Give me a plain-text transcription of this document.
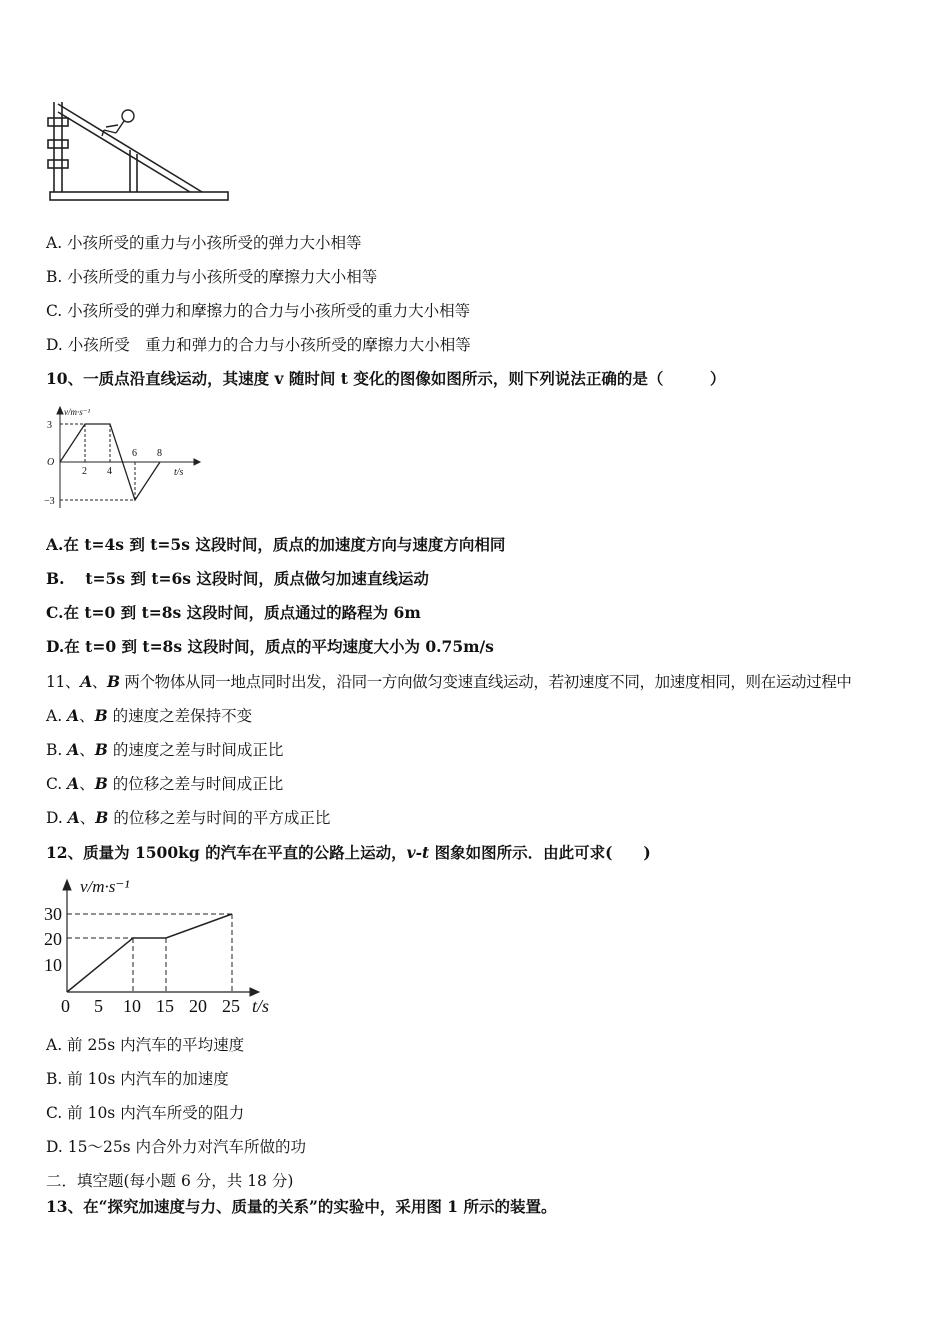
A. 小孩所受的重力与小孩所受的弹力大小相等
B. 小孩所受的重力与小孩所受的摩擦力大小相等
C. 小孩所受的弹力和摩擦力的合力与小孩所受的重力大小相等
D. 小孩所受　重力和弹力的合力与小孩所受的摩擦力大小相等
10、一质点沿直线运动，其速度 v 随时间 t 变化的图像如图所示，则下列说法正确的是（　　　）
v/m·s⁻¹
3
O
−3
2 4
6 8
t/s
A.在 t=4s 到 t=5s 这段时间，质点的加速度方向与速度方向相同
B.　 t=5s 到 t=6s 这段时间，质点做匀加速直线运动
C.在 t=0 到 t=8s 这段时间，质点通过的路程为 6m
D.在 t=0 到 t=8s 这段时间，质点的平均速度大小为 0.75m/s
11、A、B 两个物体从同一地点同时出发，沿同一方向做匀变速直线运动，若初速度不同，加速度相同，则在运动过程中
A. A、B 的速度之差保持不变
B. A、B 的速度之差与时间成正比
C. A、B 的位移之差与时间成正比
D. A、B 的位移之差与时间的平方成正比
12、质量为 1500kg 的汽车在平直的公路上运动，v-t 图象如图所示．由此可求(　　)
v/m·s⁻¹
10
20
30
0 5 10 15 20 25 t/s
A. 前 25s 内汽车的平均速度
B. 前 10s 内汽车的加速度
C. 前 10s 内汽车所受的阻力
D. 15～25s 内合外力对汽车所做的功
二．填空题(每小题 6 分，共 18 分)
13、在“探究加速度与力、质量的关系”的实验中，采用图 1 所示的装置。
